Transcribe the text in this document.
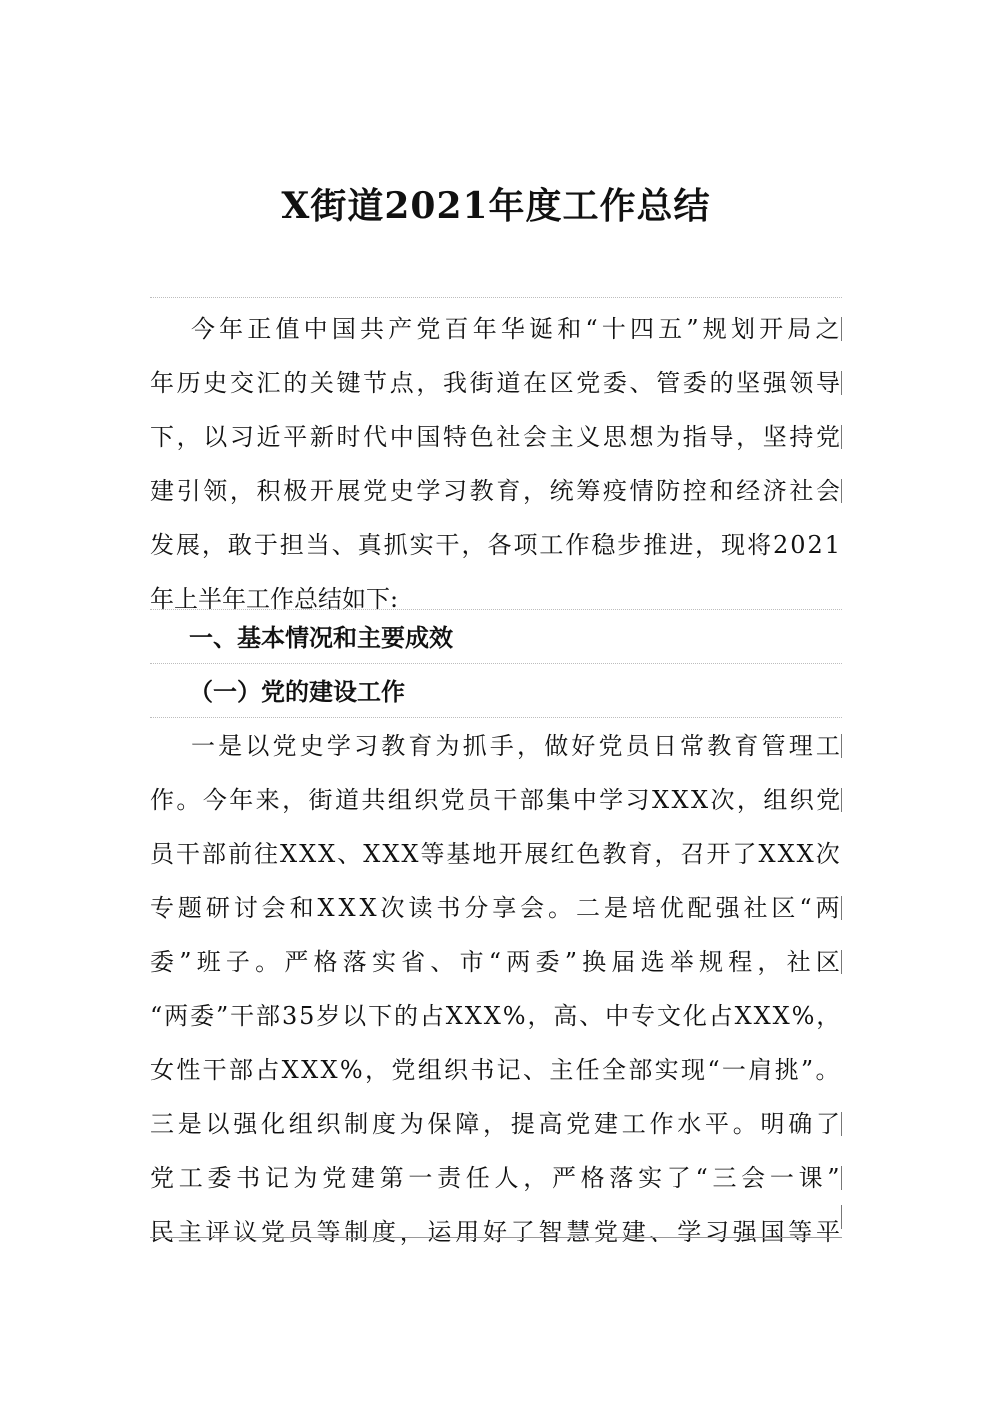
X街道2021年度工作总结
今年正值中国共产党百年华诞和“十四五”规划开局之
年历史交汇的关键节点，我街道在区党委、管委的坚强领导
下，以习近平新时代中国特色社会主义思想为指导，坚持党
建引领，积极开展党史学习教育，统筹疫情防控和经济社会
发展，敢于担当、真抓实干，各项工作稳步推进，现将2021
年上半年工作总结如下:
一、基本情况和主要成效
（一）党的建设工作
一是以党史学习教育为抓手，做好党员日常教育管理工
作。今年来，街道共组织党员干部集中学习XXX次，组织党
员干部前往XXX、XXX等基地开展红色教育，召开了XXX次
专题研讨会和XXX次读书分享会。二是培优配强社区“两
委”班子。严格落实省、市“两委”换届选举规程，社区
“两委”干部35岁以下的占XXX%，高、中专文化占XXX%，
女性干部占XXX%，党组织书记、主任全部实现“一肩挑”。
三是以强化组织制度为保障，提高党建工作水平。明确了
党工委书记为党建第一责任人，严格落实了“三会一课”
民主评议党员等制度，运用好了智慧党建、学习强国等平
